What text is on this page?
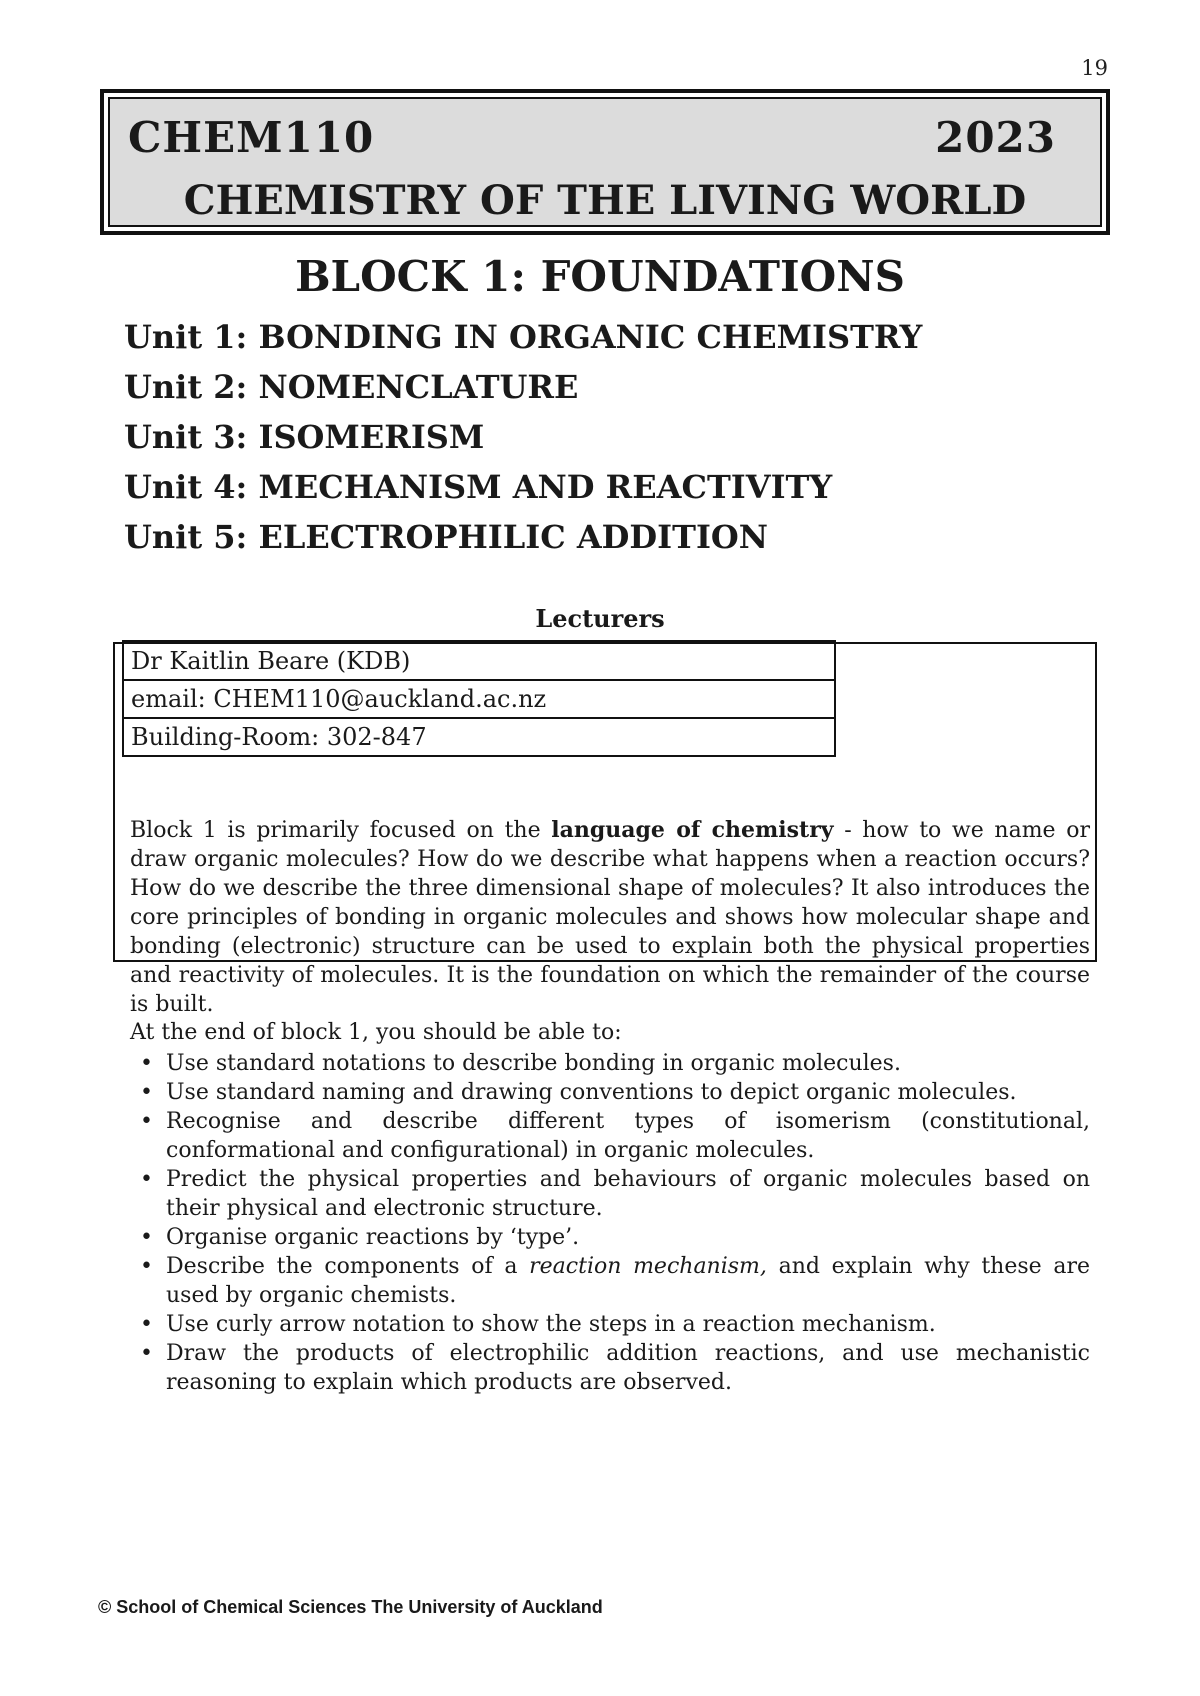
19
CHEM110	2023
CHEMISTRY OF THE LIVING WORLD
BLOCK 1: FOUNDATIONS
Unit 1: BONDING IN ORGANIC CHEMISTRY
Unit 2: NOMENCLATURE
Unit 3: ISOMERISM
Unit 4: MECHANISM AND REACTIVITY
Unit 5: ELECTROPHILIC ADDITION
Lecturers
Dr Kaitlin Beare (KDB)
email: CHEM110@auckland.ac.nz
Building-Room: 302-847

Block 1 is primarily focused on the language of chemistry - how to we name or draw organic molecules? How do we describe what happens when a reaction occurs? How do we describe the three dimensional shape of molecules? It also introduces the core principles of bonding in organic molecules and shows how molecular shape and bonding (electronic) structure can be used to explain both the physical properties and reactivity of molecules. It is the foundation on which the remainder of the course is built.

At the end of block 1, you should be able to:

• Use standard notations to describe bonding in organic molecules.
• Use standard naming and drawing conventions to depict organic molecules.
• Recognise and describe different types of isomerism (constitutional, conformational and configurational) in organic molecules.
• Predict the physical properties and behaviours of organic molecules based on their physical and electronic structure.
• Organise organic reactions by ‘type’.
• Describe the components of a reaction mechanism, and explain why these are used by organic chemists.
• Use curly arrow notation to show the steps in a reaction mechanism.
• Draw the products of electrophilic addition reactions, and use mechanistic reasoning to explain which products are observed.
© School of Chemical Sciences The University of Auckland
